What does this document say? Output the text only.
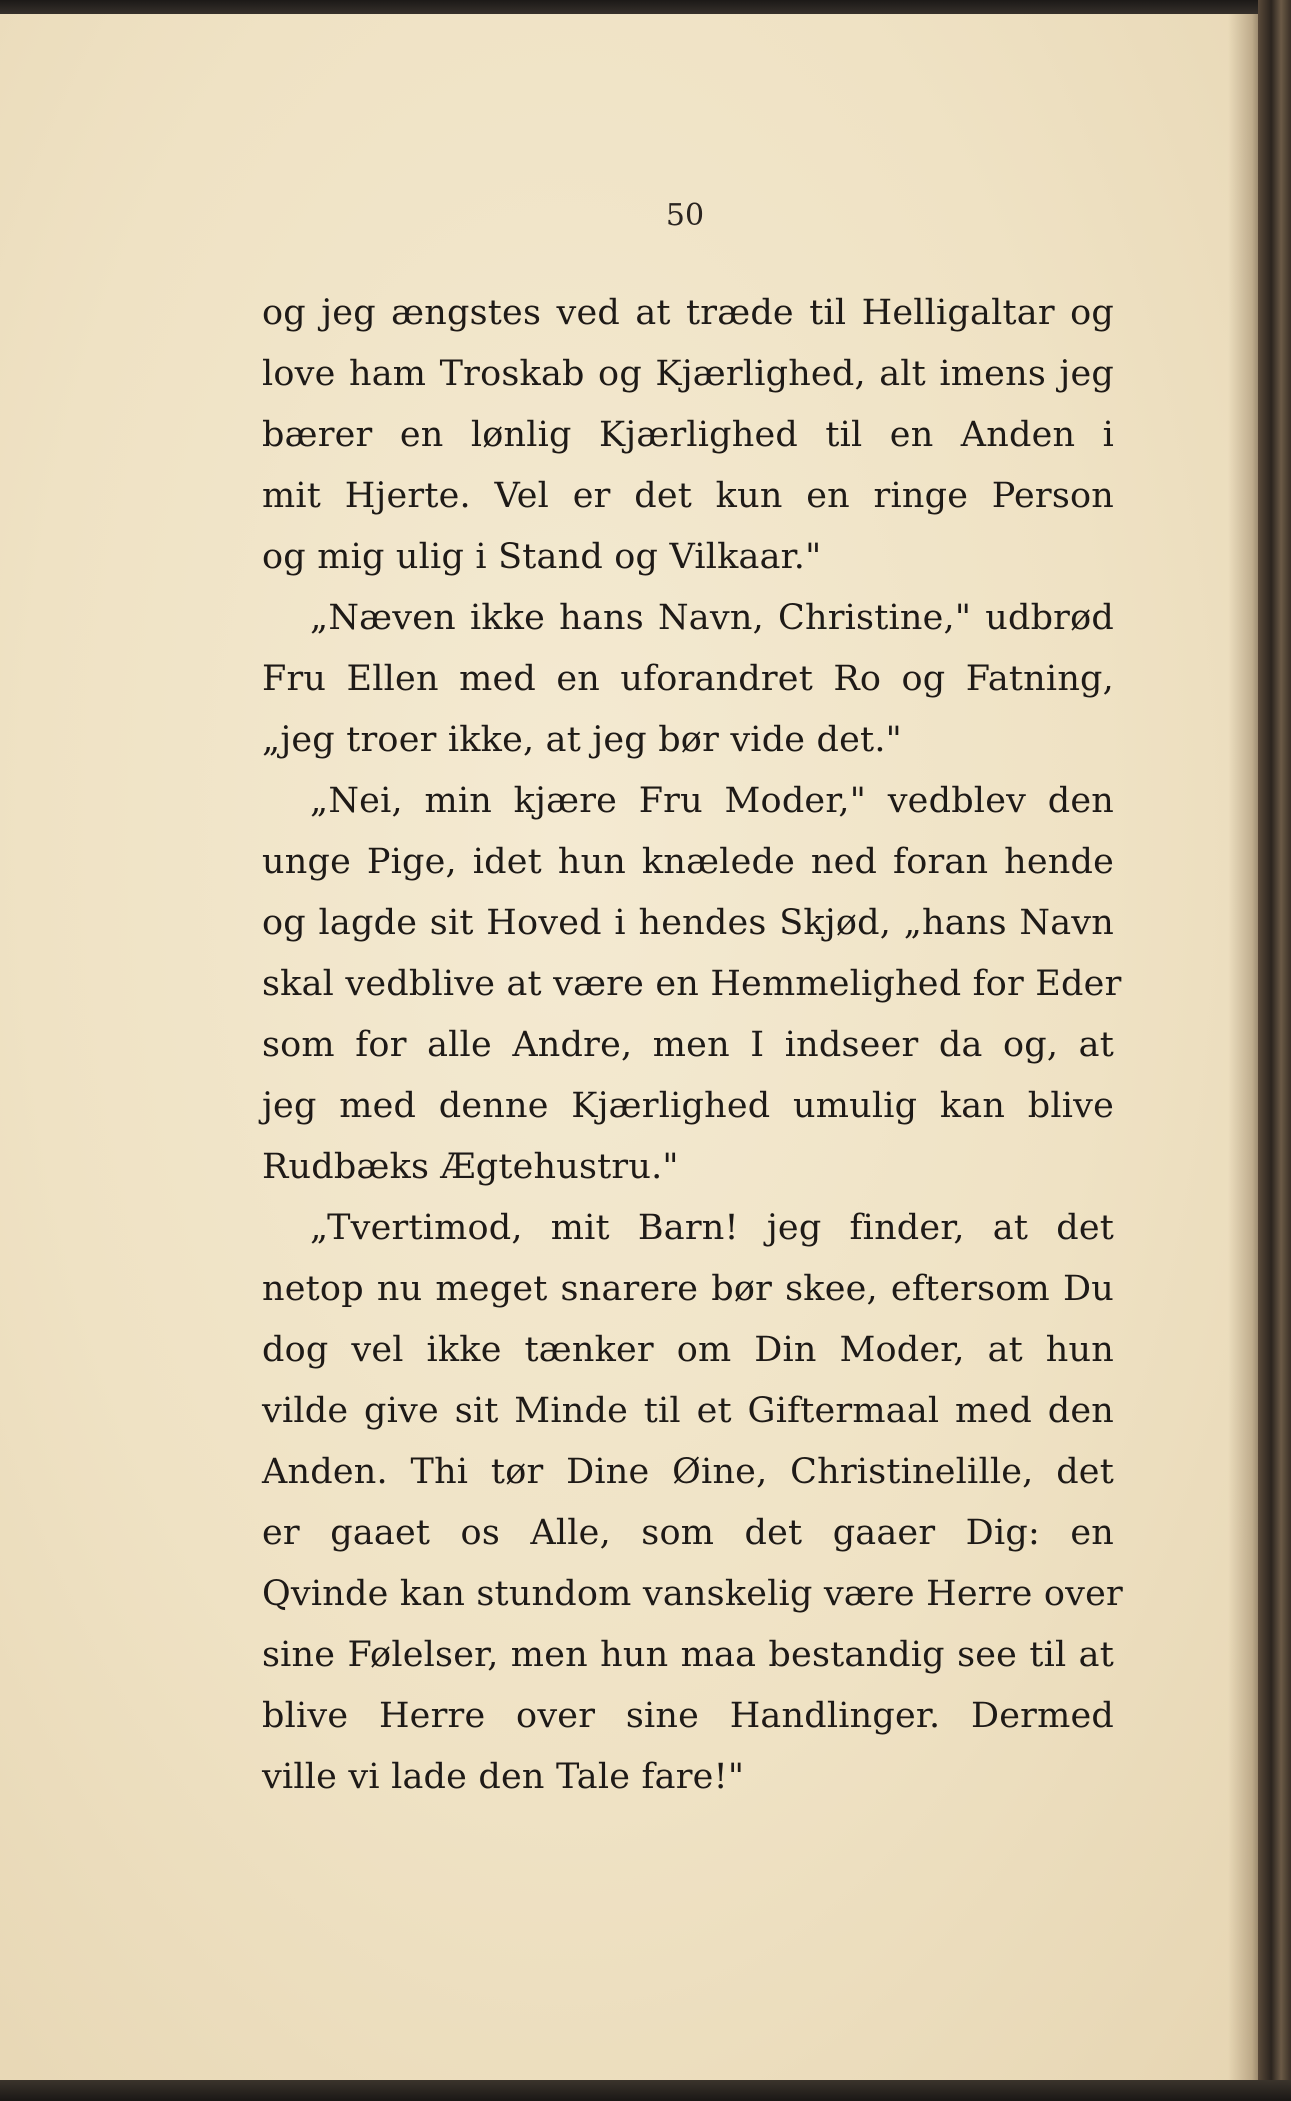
50
og jeg ængstes ved at træde til Helligaltar og
love ham Troskab og Kjærlighed, alt imens jeg
bærer en lønlig Kjærlighed til en Anden i
mit Hjerte. Vel er det kun en ringe Person
og mig ulig i Stand og Vilkaar."
„Næven ikke hans Navn, Christine," udbrød
Fru Ellen med en uforandret Ro og Fatning,
„jeg troer ikke, at jeg bør vide det."
„Nei, min kjære Fru Moder," vedblev den
unge Pige, idet hun knælede ned foran hende
og lagde sit Hoved i hendes Skjød, „hans Navn
skal vedblive at være en Hemmelighed for Eder
som for alle Andre, men I indseer da og, at
jeg med denne Kjærlighed umulig kan blive
Rudbæks Ægtehustru."
„Tvertimod, mit Barn! jeg finder, at det
netop nu meget snarere bør skee, eftersom Du
dog vel ikke tænker om Din Moder, at hun
vilde give sit Minde til et Giftermaal med den
Anden. Thi tør Dine Øine, Christinelille, det
er gaaet os Alle, som det gaaer Dig: en
Qvinde kan stundom vanskelig være Herre over
sine Følelser, men hun maa bestandig see til at
blive Herre over sine Handlinger. Dermed
ville vi lade den Tale fare!"
